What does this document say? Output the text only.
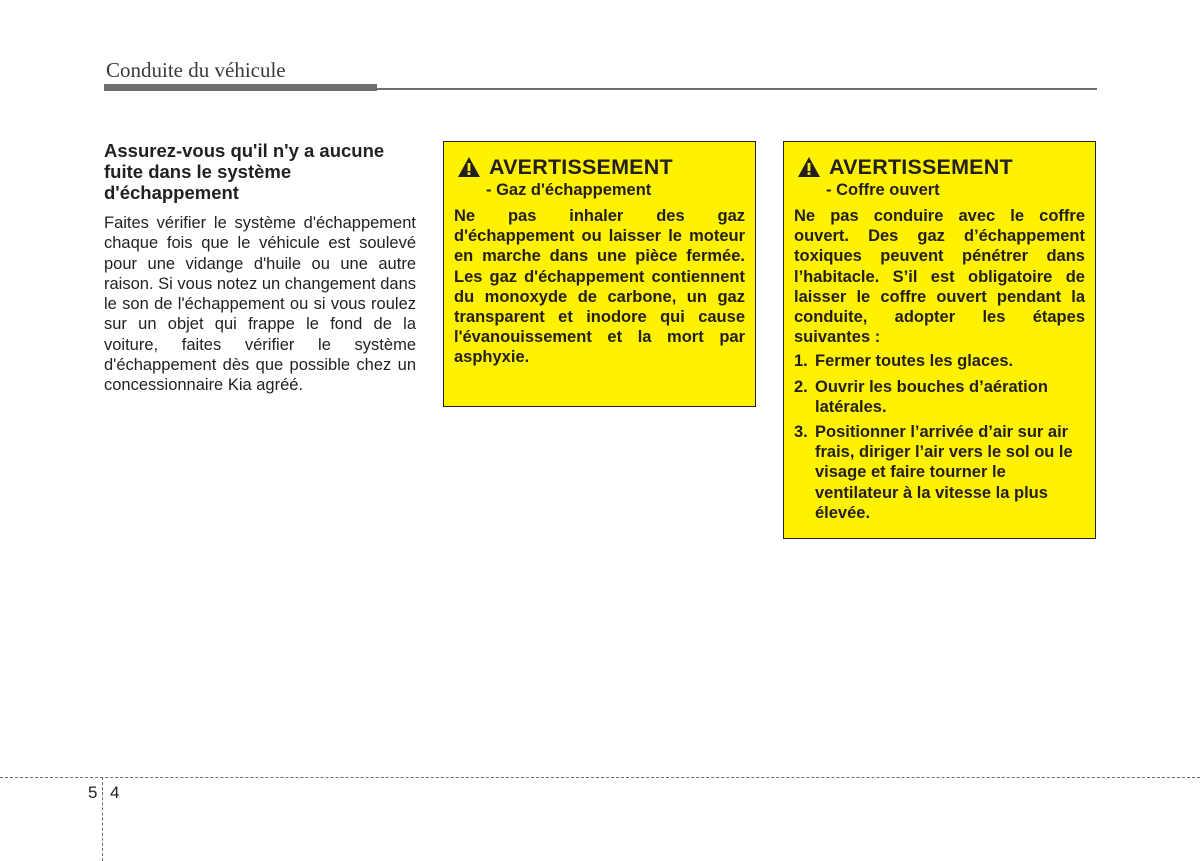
Conduite du véhicule
Assurez-vous qu'il n'y a aucune fuite dans le système d'échappement

Faites vérifier le système d'échappement chaque fois que le véhicule est soulevé pour une vidange d'huile ou une autre raison. Si vous notez un changement dans le son de l'échappement ou si vous roulez sur un objet qui frappe le fond de la voiture, faites vérifier le système d'échappement dès que possible chez un concessionnaire Kia agréé.

AVERTISSEMENT
- Gaz d'échappement

Ne pas inhaler des gaz d'échappement ou laisser le moteur en marche dans une pièce fermée. Les gaz d'échappement contiennent du monoxyde de carbone, un gaz transparent et inodore qui cause l'évanouissement et la mort par asphyxie.

AVERTISSEMENT
- Coffre ouvert

Ne pas conduire avec le coffre ouvert. Des gaz d’échappement toxiques peuvent pénétrer dans l’habitacle. S’il est obligatoire de laisser le coffre ouvert pendant la conduite, adopter les étapes suivantes :

1. Fermer toutes les glaces.
2. Ouvrir les bouches d’aération latérales.
3. Positionner l’arrivée d’air sur air frais, diriger l’air vers le sol ou le visage et faire tourner le ventilateur à la vitesse la plus élevée.
5 4
